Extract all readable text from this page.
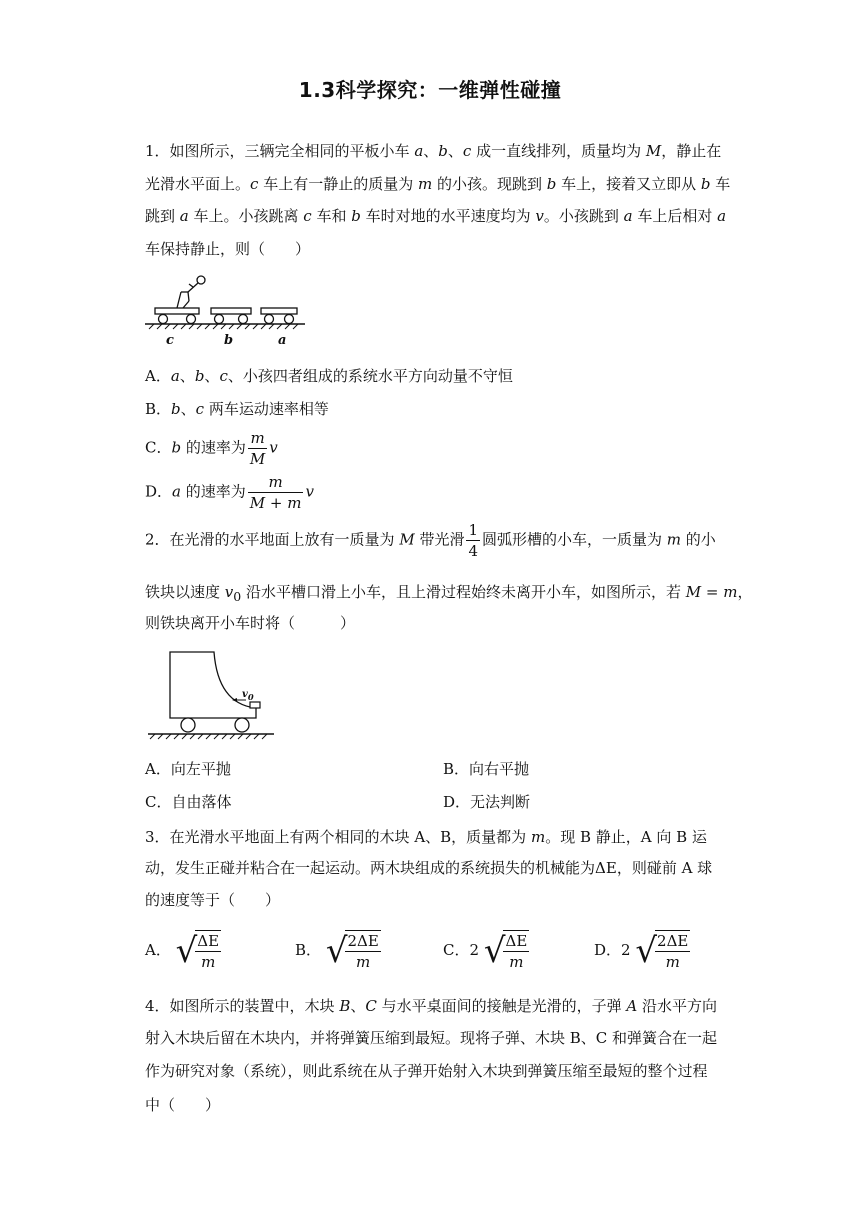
1.3科学探究：一维弹性碰撞
1．如图所示，三辆完全相同的平板小车 a、b、c 成一直线排列，质量均为 M，静止在
光滑水平面上。c 车上有一静止的质量为 m 的小孩。现跳到 b 车上，接着又立即从 b 车
跳到 a 车上。小孩跳离 c 车和 b 车时对地的水平速度均为 v。小孩跳到 a 车上后相对 a
车保持静止，则（　　）
c	b	a
A．a、b、c、小孩四者组成的系统水平方向动量不守恒
B．b、c 两车运动速率相等
C．b 的速率为 $\frac{m}{M}$ v
D．a 的速率为 $\frac{m}{M + m}$ v
2．在光滑的水平地面上放有一质量为 M 带光滑 $\frac{1}{4}$ 圆弧形槽的小车，一质量为 m 的小
铁块以速度 $v_0$ 沿水平槽口滑上小车，且上滑过程始终未离开小车，如图所示，若 M = m，
则铁块离开小车时将（　　　）
$v_0$
A．向左平抛	B．向右平抛
C．自由落体	D．无法判断
3．在光滑水平地面上有两个相同的木块 A、B，质量都为 m。现 B 静止，A 向 B 运
动，发生正碰并粘合在一起运动。两木块组成的系统损失的机械能为ΔE，则碰前 A 球
的速度等于（　　）
A． √
$\frac{\Delta E}{m}$	B． √
$\frac{2\Delta E}{m}$	C．2 √
$\frac{\Delta E}{m}$	D．2 √
$\frac{2\Delta E}{m}$
4．如图所示的装置中，木块 B、C 与水平桌面间的接触是光滑的，子弹 A 沿水平方向
射入木块后留在木块内，并将弹簧压缩到最短。现将子弹、木块 B、C 和弹簧合在一起
作为研究对象（系统），则此系统在从子弹开始射入木块到弹簧压缩至最短的整个过程
中（　　）
